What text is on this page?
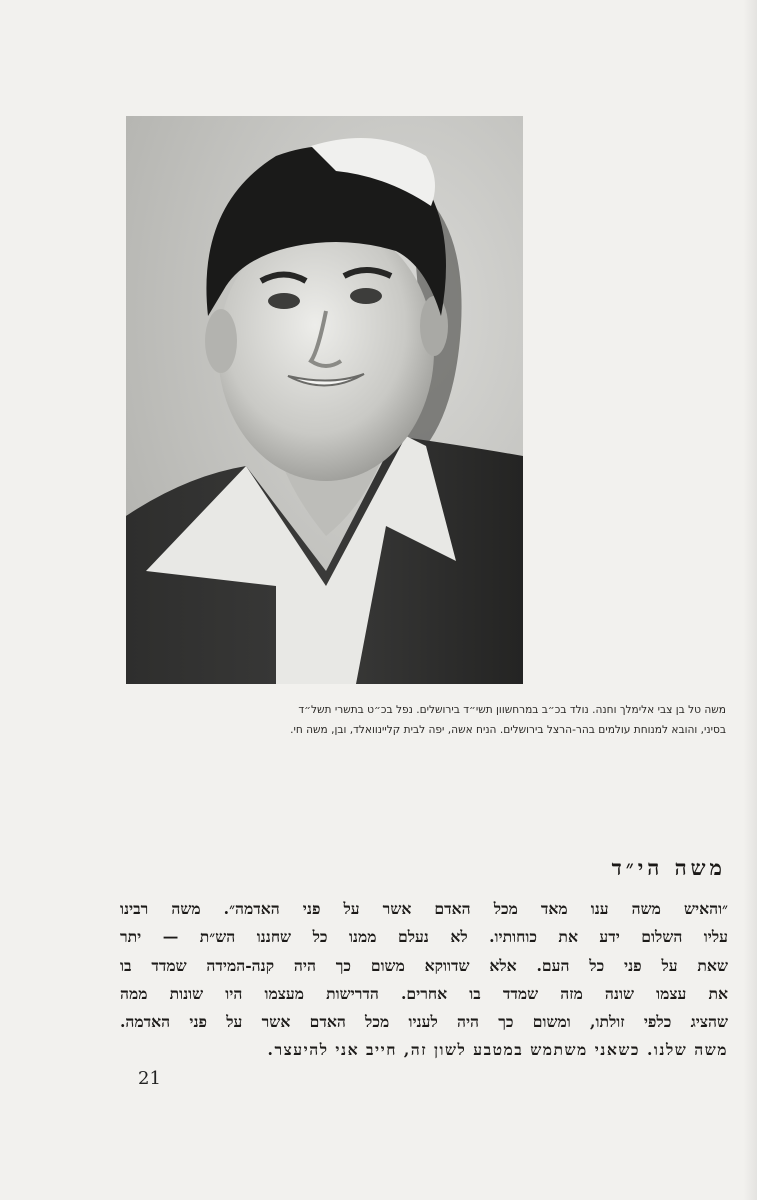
משה טל בן צבי אלימלך וחנה. נולד בכ״ב במרחשוון תשי״ד בירושלים. נפל בכ״ט בתשרי תשל״ד
בסיני, והובא למנוחת עולמים בהר-הרצל בירושלים. הניח אשה, יפה לבית קליינוואלד, ובן, משה חי.
משה הי״ד
״והאיש משה ענו מאד מכל האדם אשר על פני האדמה״. משה רבינו
עליו השלום ידע את כוחותיו. לא נעלם ממנו כל שחננו הש״ת — יתר
שאת על פני כל העם. אלא שדווקא משום כך היה קנה-המידה שמדד בו
את עצמו שונה מזה שמדד בו אחרים. הדרישות מעצמו היו שונות ממה
שהציג כלפי זולתו, ומשום כך היה לעניו מכל האדם אשר על פני האדמה.
משה שלנו. כשאני משתמש במטבע לשון זה, חייב אני להיעצר.
21
